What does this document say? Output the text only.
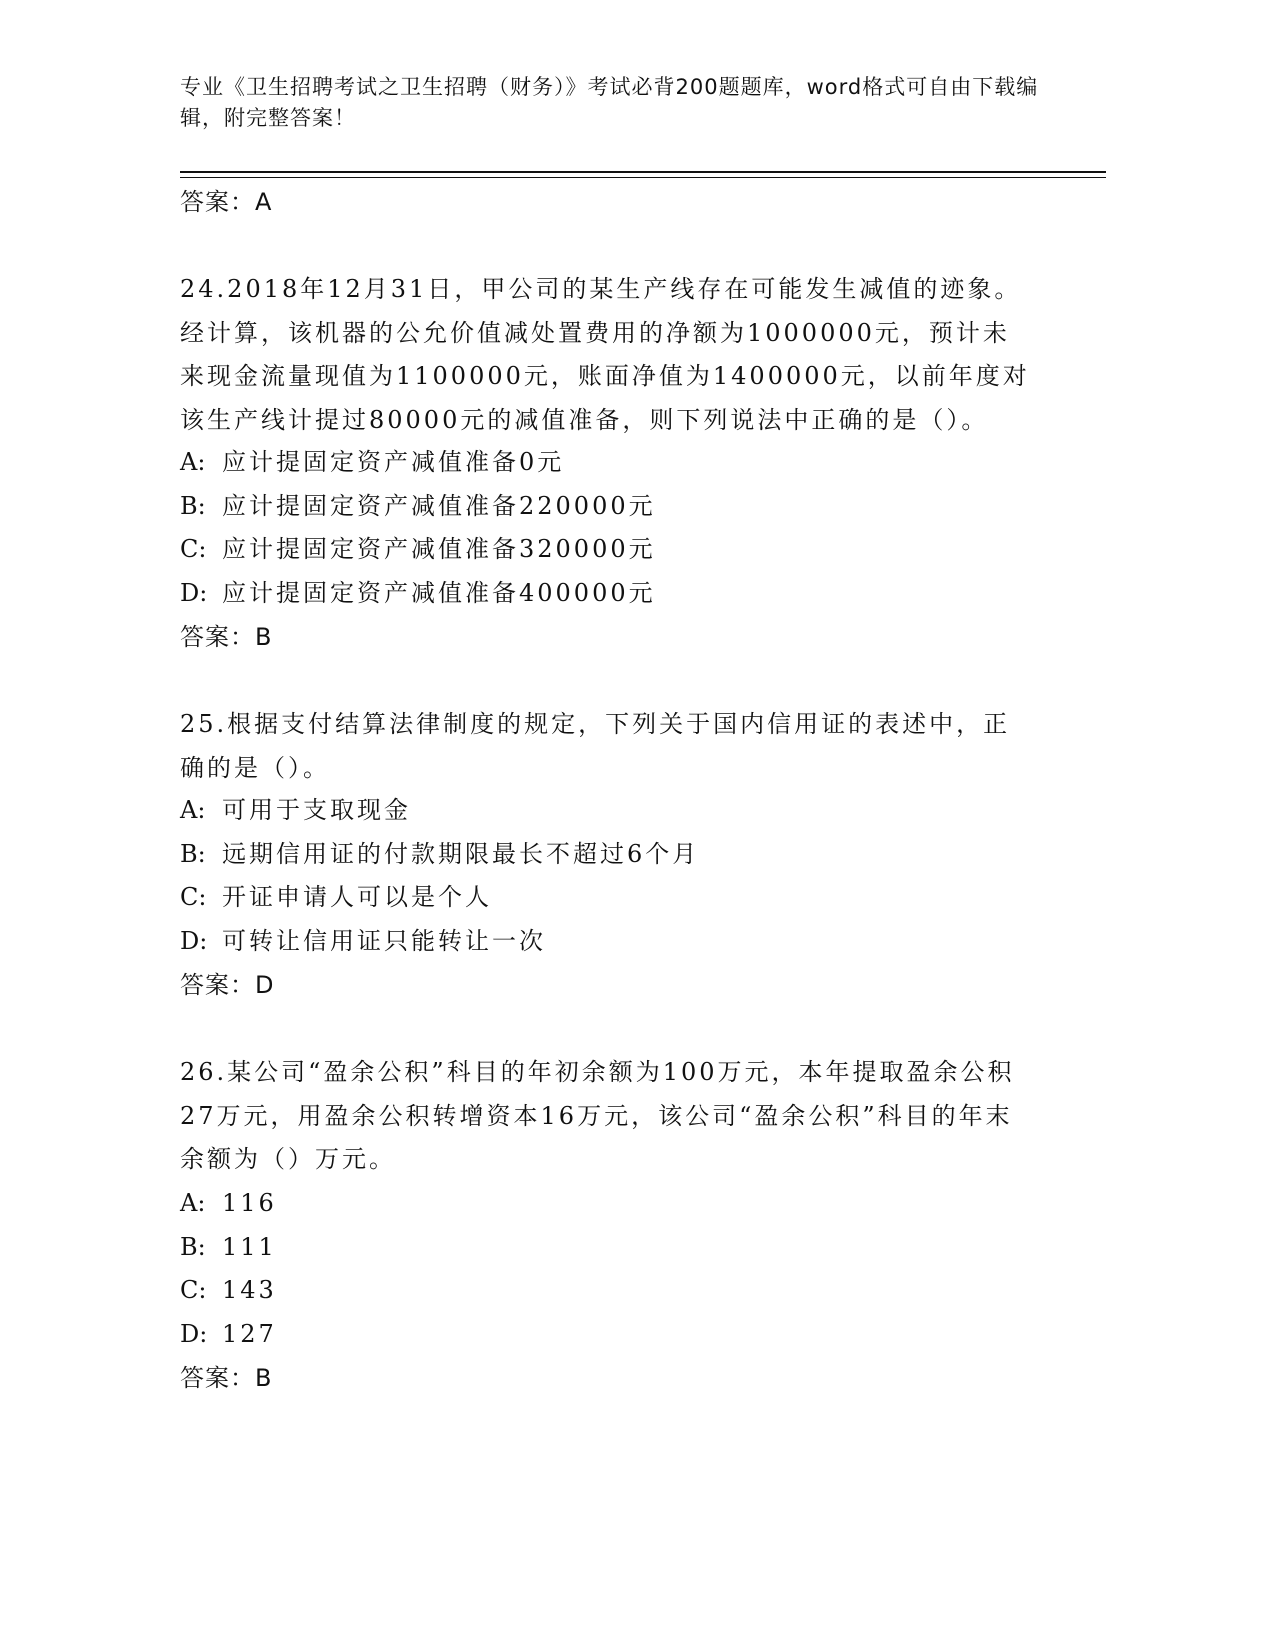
专业《卫生招聘考试之卫生招聘（财务）》考试必背200题题库，word格式可自由下载编辑，附完整答案！
答案：A
24.2018年12月31日，甲公司的某生产线存在可能发生减值的迹象。经计算，该机器的公允价值减处置费用的净额为1000000元，预计未来现金流量现值为1100000元，账面净值为1400000元，以前年度对该生产线计提过80000元的减值准备，则下列说法中正确的是（）。
A: 应计提固定资产减值准备0元
B: 应计提固定资产减值准备220000元
C: 应计提固定资产减值准备320000元
D: 应计提固定资产减值准备400000元
答案：B
25.根据支付结算法律制度的规定，下列关于国内信用证的表述中，正确的是（）。
A: 可用于支取现金
B: 远期信用证的付款期限最长不超过6个月
C: 开证申请人可以是个人
D: 可转让信用证只能转让一次
答案：D
26.某公司“盈余公积”科目的年初余额为100万元，本年提取盈余公积27万元，用盈余公积转增资本16万元，该公司“盈余公积”科目的年末余额为（）万元。
A: 116
B: 111
C: 143
D: 127
答案：B
